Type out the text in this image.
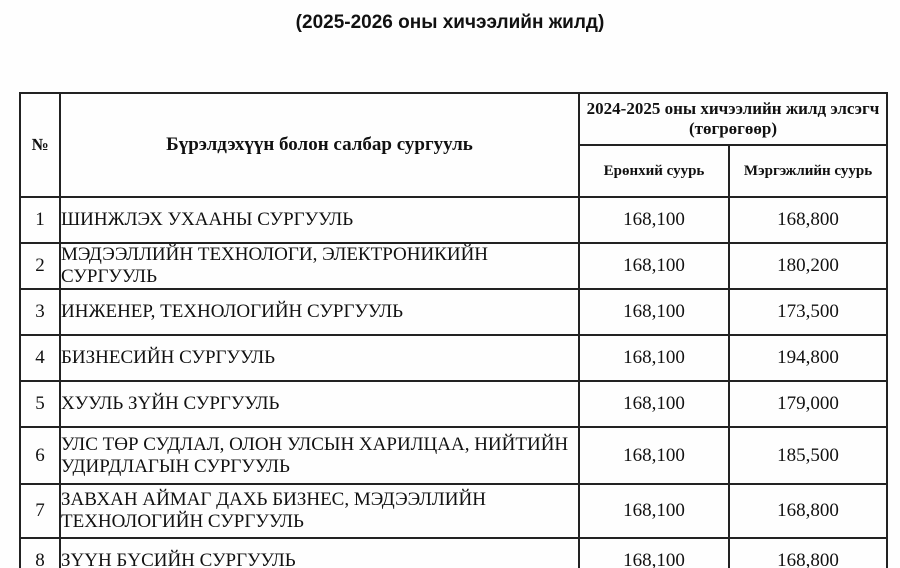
(2025-2026 оны хичээлийн жилд)
№	Бүрэлдэхүүн болон салбар сургууль	2024-2025 оны хичээлийн жилд элсэгч (төгрөгөөр)	
		Ерөнхий суурь	Мэргэжлийн суурь
1	ШИНЖЛЭХ УХААНЫ СУРГУУЛЬ	168,100	168,800
2	МЭДЭЭЛЛИЙН ТЕХНОЛОГИ, ЭЛЕКТРОНИКИЙН СУРГУУЛЬ	168,100	180,200
3	ИНЖЕНЕР, ТЕХНОЛОГИЙН СУРГУУЛЬ	168,100	173,500
4	БИЗНЕСИЙН СУРГУУЛЬ	168,100	194,800
5	ХУУЛЬ ЗҮЙН СУРГУУЛЬ	168,100	179,000
6	УЛС ТӨР СУДЛАЛ, ОЛОН УЛСЫН ХАРИЛЦАА, НИЙТИЙН УДИРДЛАГЫН СУРГУУЛЬ	168,100	185,500
7	ЗАВХАН АЙМАГ ДАХЬ БИЗНЕС, МЭДЭЭЛЛИЙН ТЕХНОЛОГИЙН СУРГУУЛЬ	168,100	168,800
8	ЗҮҮН БҮСИЙН СУРГУУЛЬ	168,100	168,800
